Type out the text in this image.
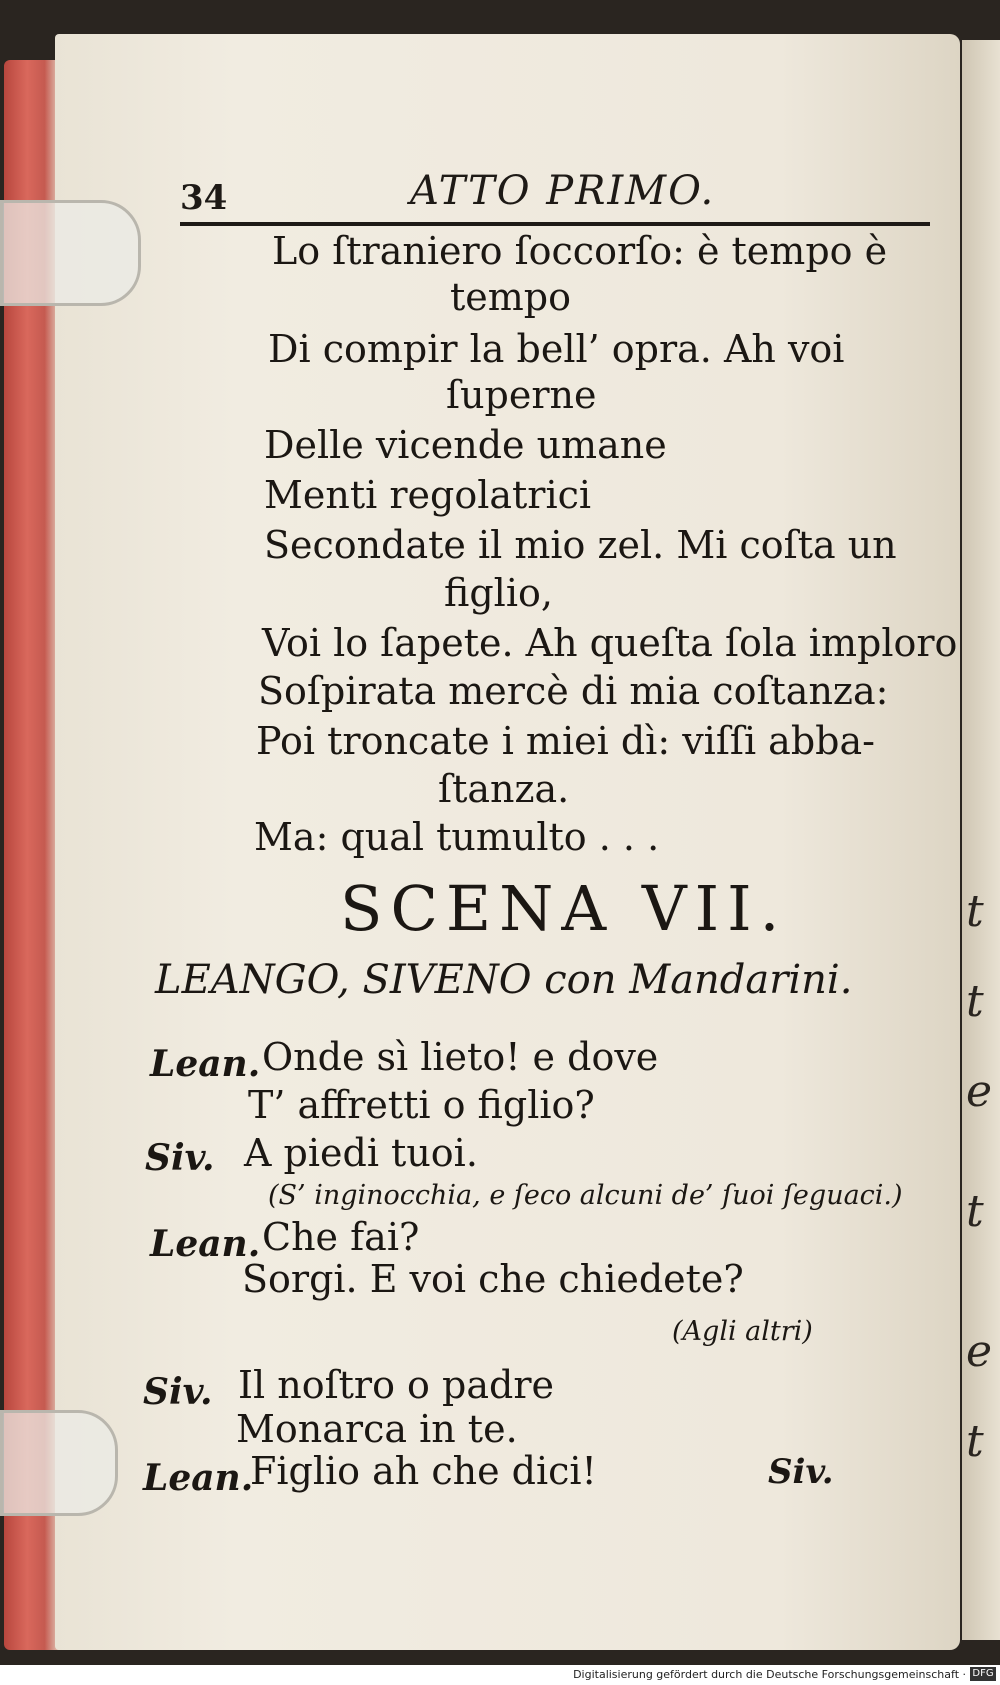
t
t
e
t
e
t
34	ATTO PRIMO.
Lo ſtraniero ſoccorſo: è tempo è
tempo
Di compir la bell’ opra. Ah voi
ſuperne
Delle vicende umane
Menti regolatrici
Secondate il mio zel. Mi coſta un
figlio,
Voi lo ſapete. Ah queſta ſola imploro
Soſpirata mercè di mia coſtanza:
Poi troncate i miei dì: viſſi abba-
ſtanza.
Ma: qual tumulto . . .
SCENA VII.
LEANGO, SIVENO con Mandarini.
Lean. Onde sì lieto! e dove
T’ affretti o figlio?
Siv. A piedi tuoi.
(S’ inginocchia, e ſeco alcuni de’ ſuoi ſeguaci.)
Lean. Che fai?
Sorgi. E voi che chiedete?
(Agli altri)
Siv. Il noſtro o padre
Monarca in te.
Lean.
Figlio ah che dici!	Siv.
Digitalisierung gefördert durch die Deutsche Forschungsgemeinschaft · DFG
